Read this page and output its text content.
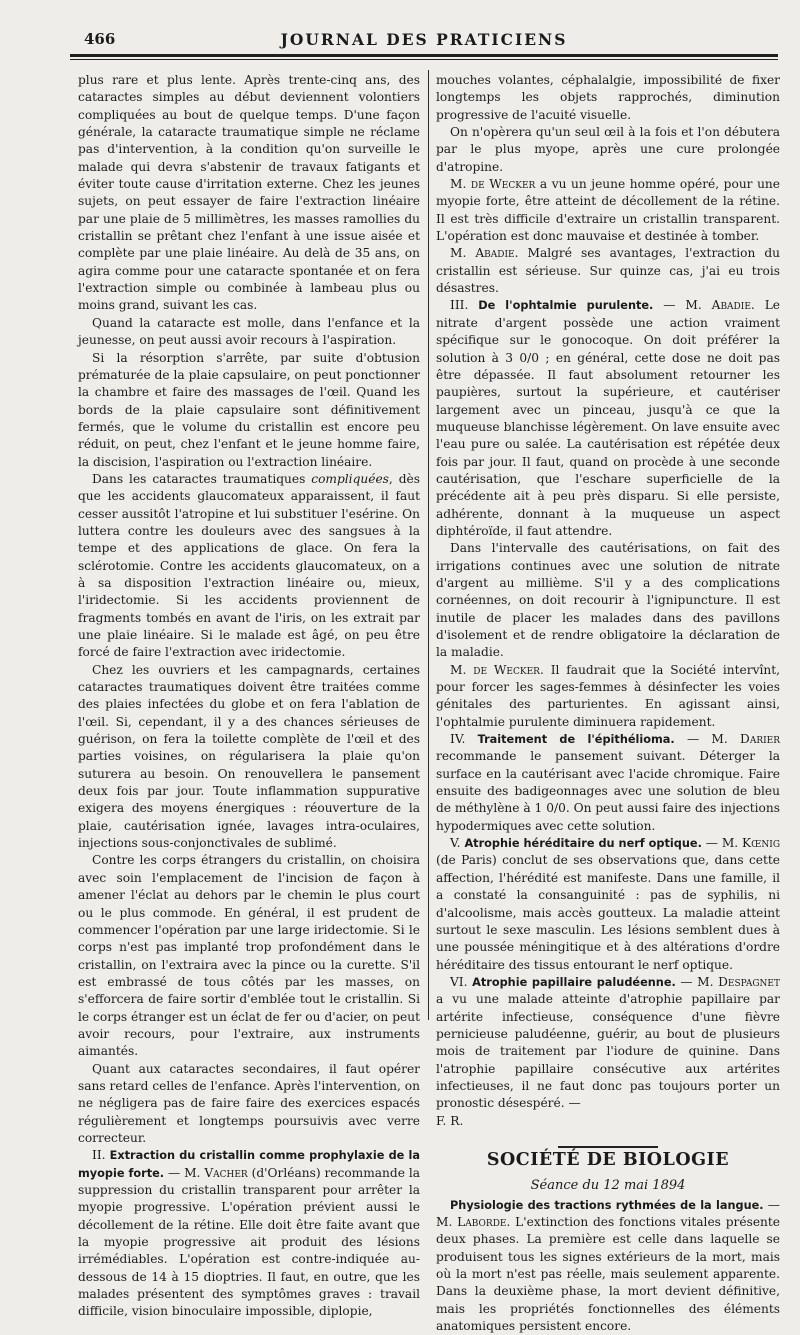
466	JOURNAL DES PRATICIENS

plus rare et plus lente. Après trente-cinq ans, des cataractes simples au début deviennent volontiers compliquées au bout de quelque temps. D'une façon générale, la cataracte traumatique simple ne réclame pas d'intervention, à la condition qu'on surveille le malade qui devra s'abstenir de travaux fatigants et éviter toute cause d'irritation externe. Chez les jeunes sujets, on peut essayer de faire l'extraction linéaire par une plaie de 5 millimètres, les masses ramollies du cristallin se prêtant chez l'enfant à une issue aisée et complète par une plaie linéaire. Au delà de 35 ans, on agira comme pour une cataracte spontanée et on fera l'extraction simple ou combinée à lambeau plus ou moins grand, suivant les cas.

Quand la cataracte est molle, dans l'enfance et la jeunesse, on peut aussi avoir recours à l'aspiration.

Si la résorption s'arrête, par suite d'obtusion prématurée de la plaie capsulaire, on peut ponctionner la chambre et faire des massages de l'œil. Quand les bords de la plaie capsulaire sont définitivement fermés, que le volume du cristallin est encore peu réduit, on peut, chez l'enfant et le jeune homme faire, la discision, l'aspiration ou l'extraction linéaire.

Dans les cataractes traumatiques compliquées, dès que les accidents glaucomateux apparaissent, il faut cesser aussitôt l'atropine et lui substituer l'esérine. On luttera contre les douleurs avec des sangsues à la tempe et des applications de glace. On fera la sclérotomie. Contre les accidents glaucomateux, on a à sa disposition l'extraction linéaire ou, mieux, l'iridectomie. Si les accidents proviennent de fragments tombés en avant de l'iris, on les extrait par une plaie linéaire. Si le malade est âgé, on peu être forcé de faire l'extraction avec iridectomie.

Chez les ouvriers et les campagnards, certaines cataractes traumatiques doivent être traitées comme des plaies infectées du globe et on fera l'ablation de l'œil. Si, cependant, il y a des chances sérieuses de guérison, on fera la toilette complète de l'œil et des parties voisines, on régularisera la plaie qu'on suturera au besoin. On renouvellera le pansement deux fois par jour. Toute inflammation suppurative exigera des moyens énergiques : réouverture de la plaie, cautérisation ignée, lavages intra-oculaires, injections sous-conjonctivales de sublimé.

Contre les corps étrangers du cristallin, on choisira avec soin l'emplacement de l'incision de façon à amener l'éclat au dehors par le chemin le plus court ou le plus commode. En général, il est prudent de commencer l'opération par une large iridectomie. Si le corps n'est pas implanté trop profondément dans le cristallin, on l'extraira avec la pince ou la curette. S'il est embrassé de tous côtés par les masses, on s'efforcera de faire sortir d'emblée tout le cristallin. Si le corps étranger est un éclat de fer ou d'acier, on peut avoir recours, pour l'extraire, aux instruments aimantés.

Quant aux cataractes secondaires, il faut opérer sans retard celles de l'enfance. Après l'intervention, on ne négligera pas de faire faire des exercices espacés régulièrement et longtemps poursuivis avec verre correcteur.

II. Extraction du cristallin comme prophylaxie de la myopie forte. — M. Vacher (d'Orléans) recommande la suppression du cristallin transparent pour arrêter la myopie progressive. L'opération prévient aussi le décollement de la rétine. Elle doit être faite avant que la myopie progressive ait produit des lésions irrémédiables. L'opération est contre-indiquée au-dessous de 14 à 15 dioptries. Il faut, en outre, que les malades présentent des symptômes graves : travail difficile, vision binoculaire impossible, diplopie,

mouches volantes, céphalalgie, impossibilité de fixer longtemps les objets rapprochés, diminution progressive de l'acuité visuelle.

On n'opèrera qu'un seul œil à la fois et l'on débutera par le plus myope, après une cure prolongée d'atropine.

M. de Wecker a vu un jeune homme opéré, pour une myopie forte, être atteint de décollement de la rétine. Il est très difficile d'extraire un cristallin transparent. L'opération est donc mauvaise et destinée à tomber.

M. Abadie. Malgré ses avantages, l'extraction du cristallin est sérieuse. Sur quinze cas, j'ai eu trois désastres.

III. De l'ophtalmie purulente. — M. Abadie. Le nitrate d'argent possède une action vraiment spécifique sur le gonocoque. On doit préférer la solution à 3 0/0 ; en général, cette dose ne doit pas être dépassée. Il faut absolument retourner les paupières, surtout la supérieure, et cautériser largement avec un pinceau, jusqu'à ce que la muqueuse blanchisse légèrement. On lave ensuite avec l'eau pure ou salée. La cautérisation est répétée deux fois par jour. Il faut, quand on procède à une seconde cautérisation, que l'eschare superficielle de la précédente ait à peu près disparu. Si elle persiste, adhérente, donnant à la muqueuse un aspect diphtéroïde, il faut attendre.

Dans l'intervalle des cautérisations, on fait des irrigations continues avec une solution de nitrate d'argent au millième. S'il y a des complications cornéennes, on doit recourir à l'ignipuncture. Il est inutile de placer les malades dans des pavillons d'isolement et de rendre obligatoire la déclaration de la maladie.

M. de Wecker. Il faudrait que la Société intervînt, pour forcer les sages-femmes à désinfecter les voies génitales des parturientes. En agissant ainsi, l'ophtalmie purulente diminuera rapidement.

IV. Traitement de l'épithélioma. — M. Darier recommande le pansement suivant. Déterger la surface en la cautérisant avec l'acide chromique. Faire ensuite des badigeonnages avec une solution de bleu de méthylène à 1 0/0. On peut aussi faire des injections hypodermiques avec cette solution.

V. Atrophie héréditaire du nerf optique. — M. Kœnig (de Paris) conclut de ses observations que, dans cette affection, l'hérédité est manifeste. Dans une famille, il a constaté la consanguinité : pas de syphilis, ni d'alcoolisme, mais accès goutteux. La maladie atteint surtout le sexe masculin. Les lésions semblent dues à une poussée méningitique et à des altérations d'ordre héréditaire des tissus entourant le nerf optique.

VI. Atrophie papillaire paludéenne. — M. Despagnet a vu une malade atteinte d'atrophie papillaire par artérite infectieuse, conséquence d'une fièvre pernicieuse paludéenne, guérir, au bout de plusieurs mois de traitement par l'iodure de quinine. Dans l'atrophie papillaire consécutive aux artérites infectieuses, il ne faut donc pas toujours porter un pronostic désespéré. —

F. R.

SOCIÉTÉ DE BIOLOGIE
Séance du 12 mai 1894

Physiologie des tractions rythmées de la langue. — M. Laborde. L'extinction des fonctions vitales présente deux phases. La première est celle dans laquelle se produisent tous les signes extérieurs de la mort, mais où la mort n'est pas réelle, mais seulement apparente. Dans la deuxième phase, la mort devient définitive, mais les propriétés fonctionnelles des éléments anatomiques persistent encore.
